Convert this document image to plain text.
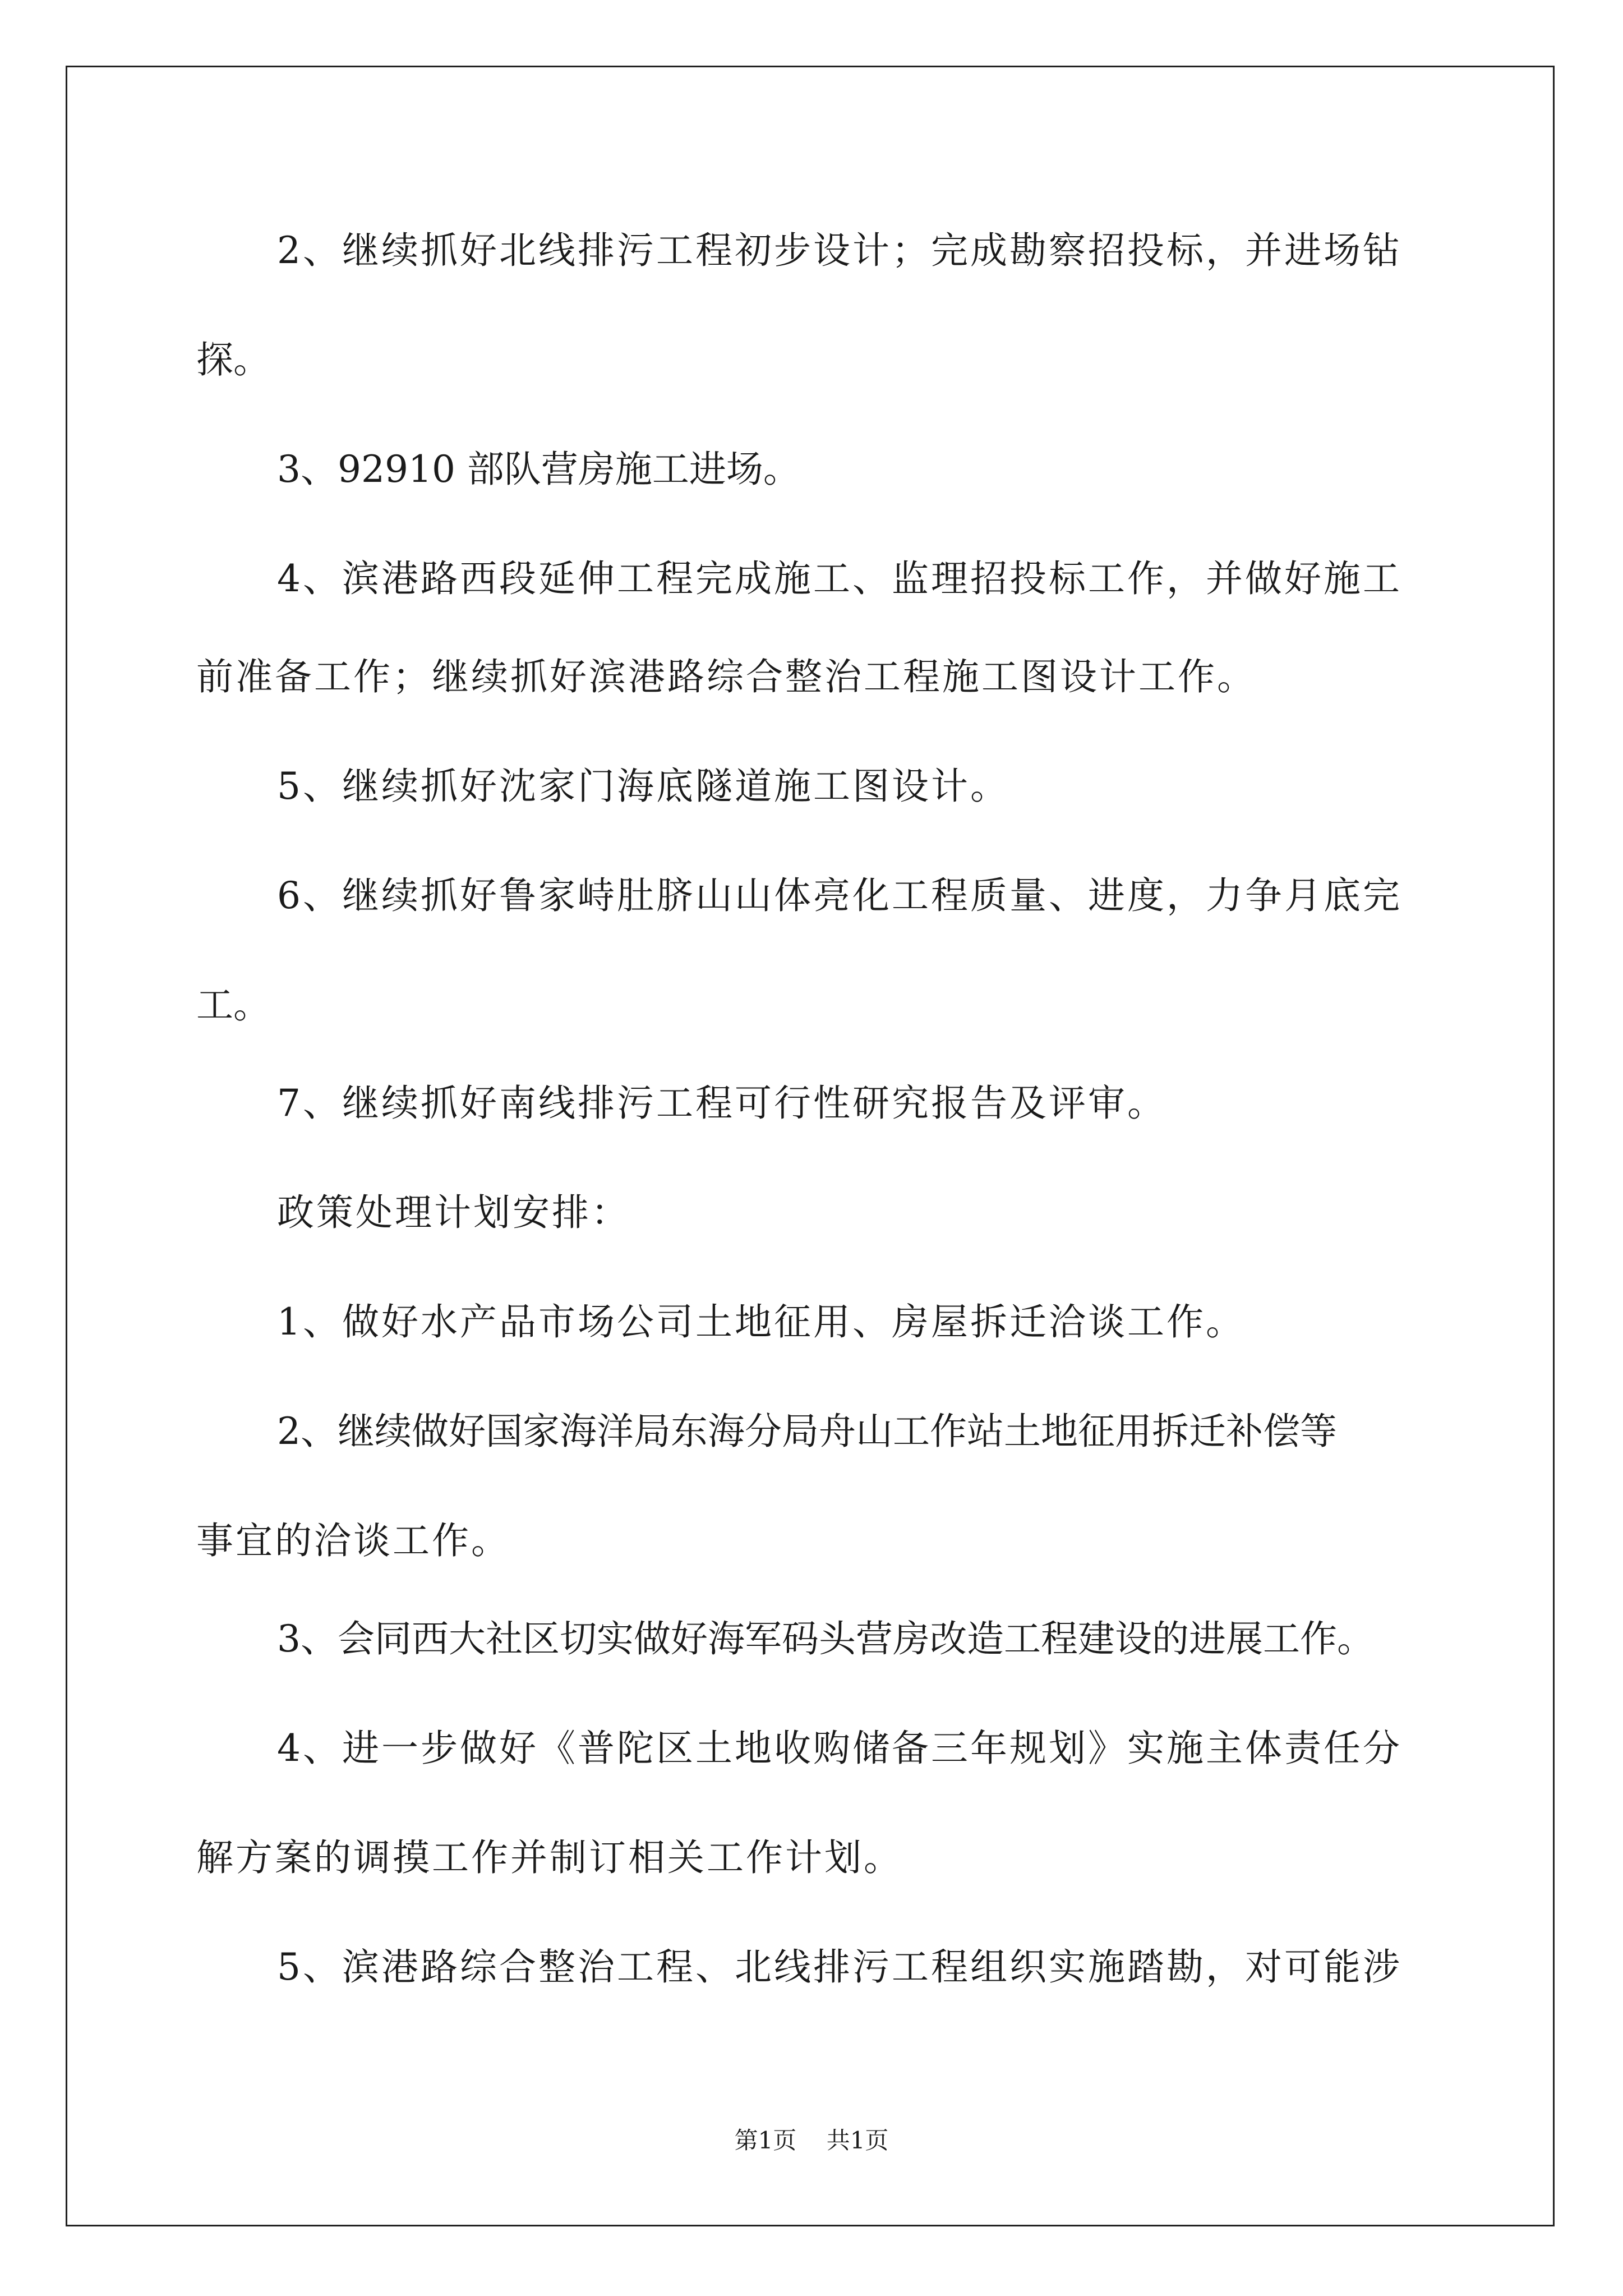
2、继续抓好北线排污工程初步设计；完成勘察招投标，并进场钻

探。

3、92910 部队营房施工进场。

4、滨港路西段延伸工程完成施工、监理招投标工作，并做好施工

前准备工作；继续抓好滨港路综合整治工程施工图设计工作。

5、继续抓好沈家门海底隧道施工图设计。

6、继续抓好鲁家峙肚脐山山体亮化工程质量、进度，力争月底完

工。

7、继续抓好南线排污工程可行性研究报告及评审。

政策处理计划安排：

1、做好水产品市场公司土地征用、房屋拆迁洽谈工作。

2、继续做好国家海洋局东海分局舟山工作站土地征用拆迁补偿等

事宜的洽谈工作。

3、会同西大社区切实做好海军码头营房改造工程建设的进展工作。

4、进一步做好《普陀区土地收购储备三年规划》实施主体责任分

解方案的调摸工作并制订相关工作计划。

5、滨港路综合整治工程、北线排污工程组织实施踏勘，对可能涉

第1页 共1页
